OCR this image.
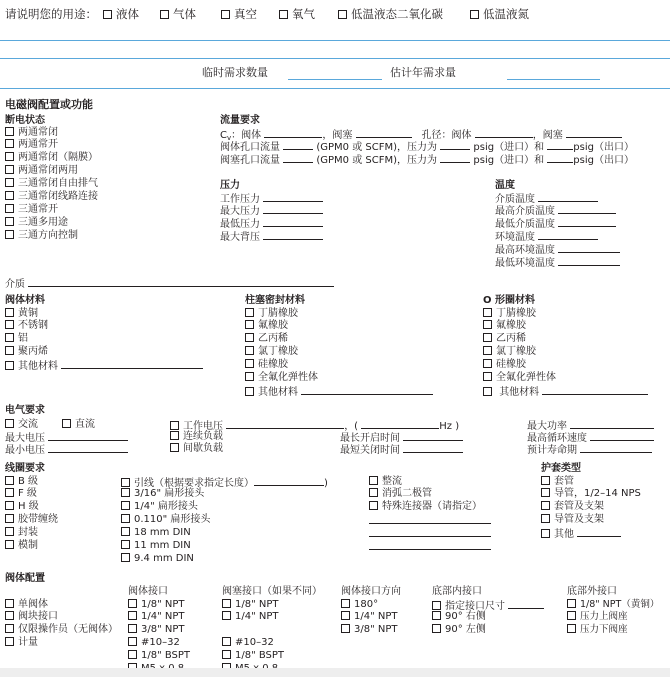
请说明您的用途：	液体	气体	真空	氧气	低温液态二氧化碳	低温液氮
临时需求数量	估计年需求量
电磁阀配置或功能
断电状态
两通常闭
两通常开
两通常闭（隔膜）
两通常闭两用
三通常闭自由排气
三通常闭线路连接
三通常开
三通多用途
三通方向控制
流量要求
$C_v$：阀体	，阀塞	孔径：阀体	，阀塞
阀体孔口流量	(GPM0 或 SCFM)，压力为	psig（进口）和	psig（出口）
阀塞孔口流量	(GPM0 或 SCFM)，压力为	psig（进口）和	psig（出口）
压力
工作压力
最大压力
最低压力
最大背压
温度
介质温度
最高介质温度
最低介质温度
环境温度
最高环境温度
最低环境温度
介质
阀体材料
黄铜
不锈钢
铝
聚丙烯
其他材料
柱塞密封材料
丁腈橡胶
氟橡胶
乙丙稀
氯丁橡胶
硅橡胶
全氟化弹性体
其他材料
O 形圈材料
丁腈橡胶
氟橡胶
乙丙稀
氯丁橡胶
硅橡胶
全氟化弹性体
其他材料
电气要求
交流	直流	工作电压	，(	Hz )	最大功率
最大电压	连续负载	最长开启时间	最高循环速度
最小电压	间歇负载	最短关闭时间	预计寿命期
线圈要求
B 级
F 级
H 级
胶带缠绕
封装
模制
引线（根据要求指定长度）	)
3/16" 扁形接头
1/4" 扁形接头
0.110" 扁形接头
18 mm DIN
11 mm DIN
9.4 mm DIN
整流
消弧二极管
特殊连接器（请指定）
护套类型
套管
导管，1/2–14 NPS
套管及支架
导管及支架
其他
阀体配置
单阀体
阀块接口
仅限操作员（无阀体）
计量
阀体接口
1/8" NPT
1/4" NPT
3/8" NPT
#10–32
1/8" BSPT
阀塞接口（如果不同）
1/8" NPT
1/4" NPT
#10–32
1/8" BSPT
阀体接口方向
180°
1/4" NPT
3/8" NPT
底部内接口
指定接口尺寸
90° 右侧
90° 左侧
底部外接口
1/8" NPT（黄铜）
压力上阀座
压力下阀座
